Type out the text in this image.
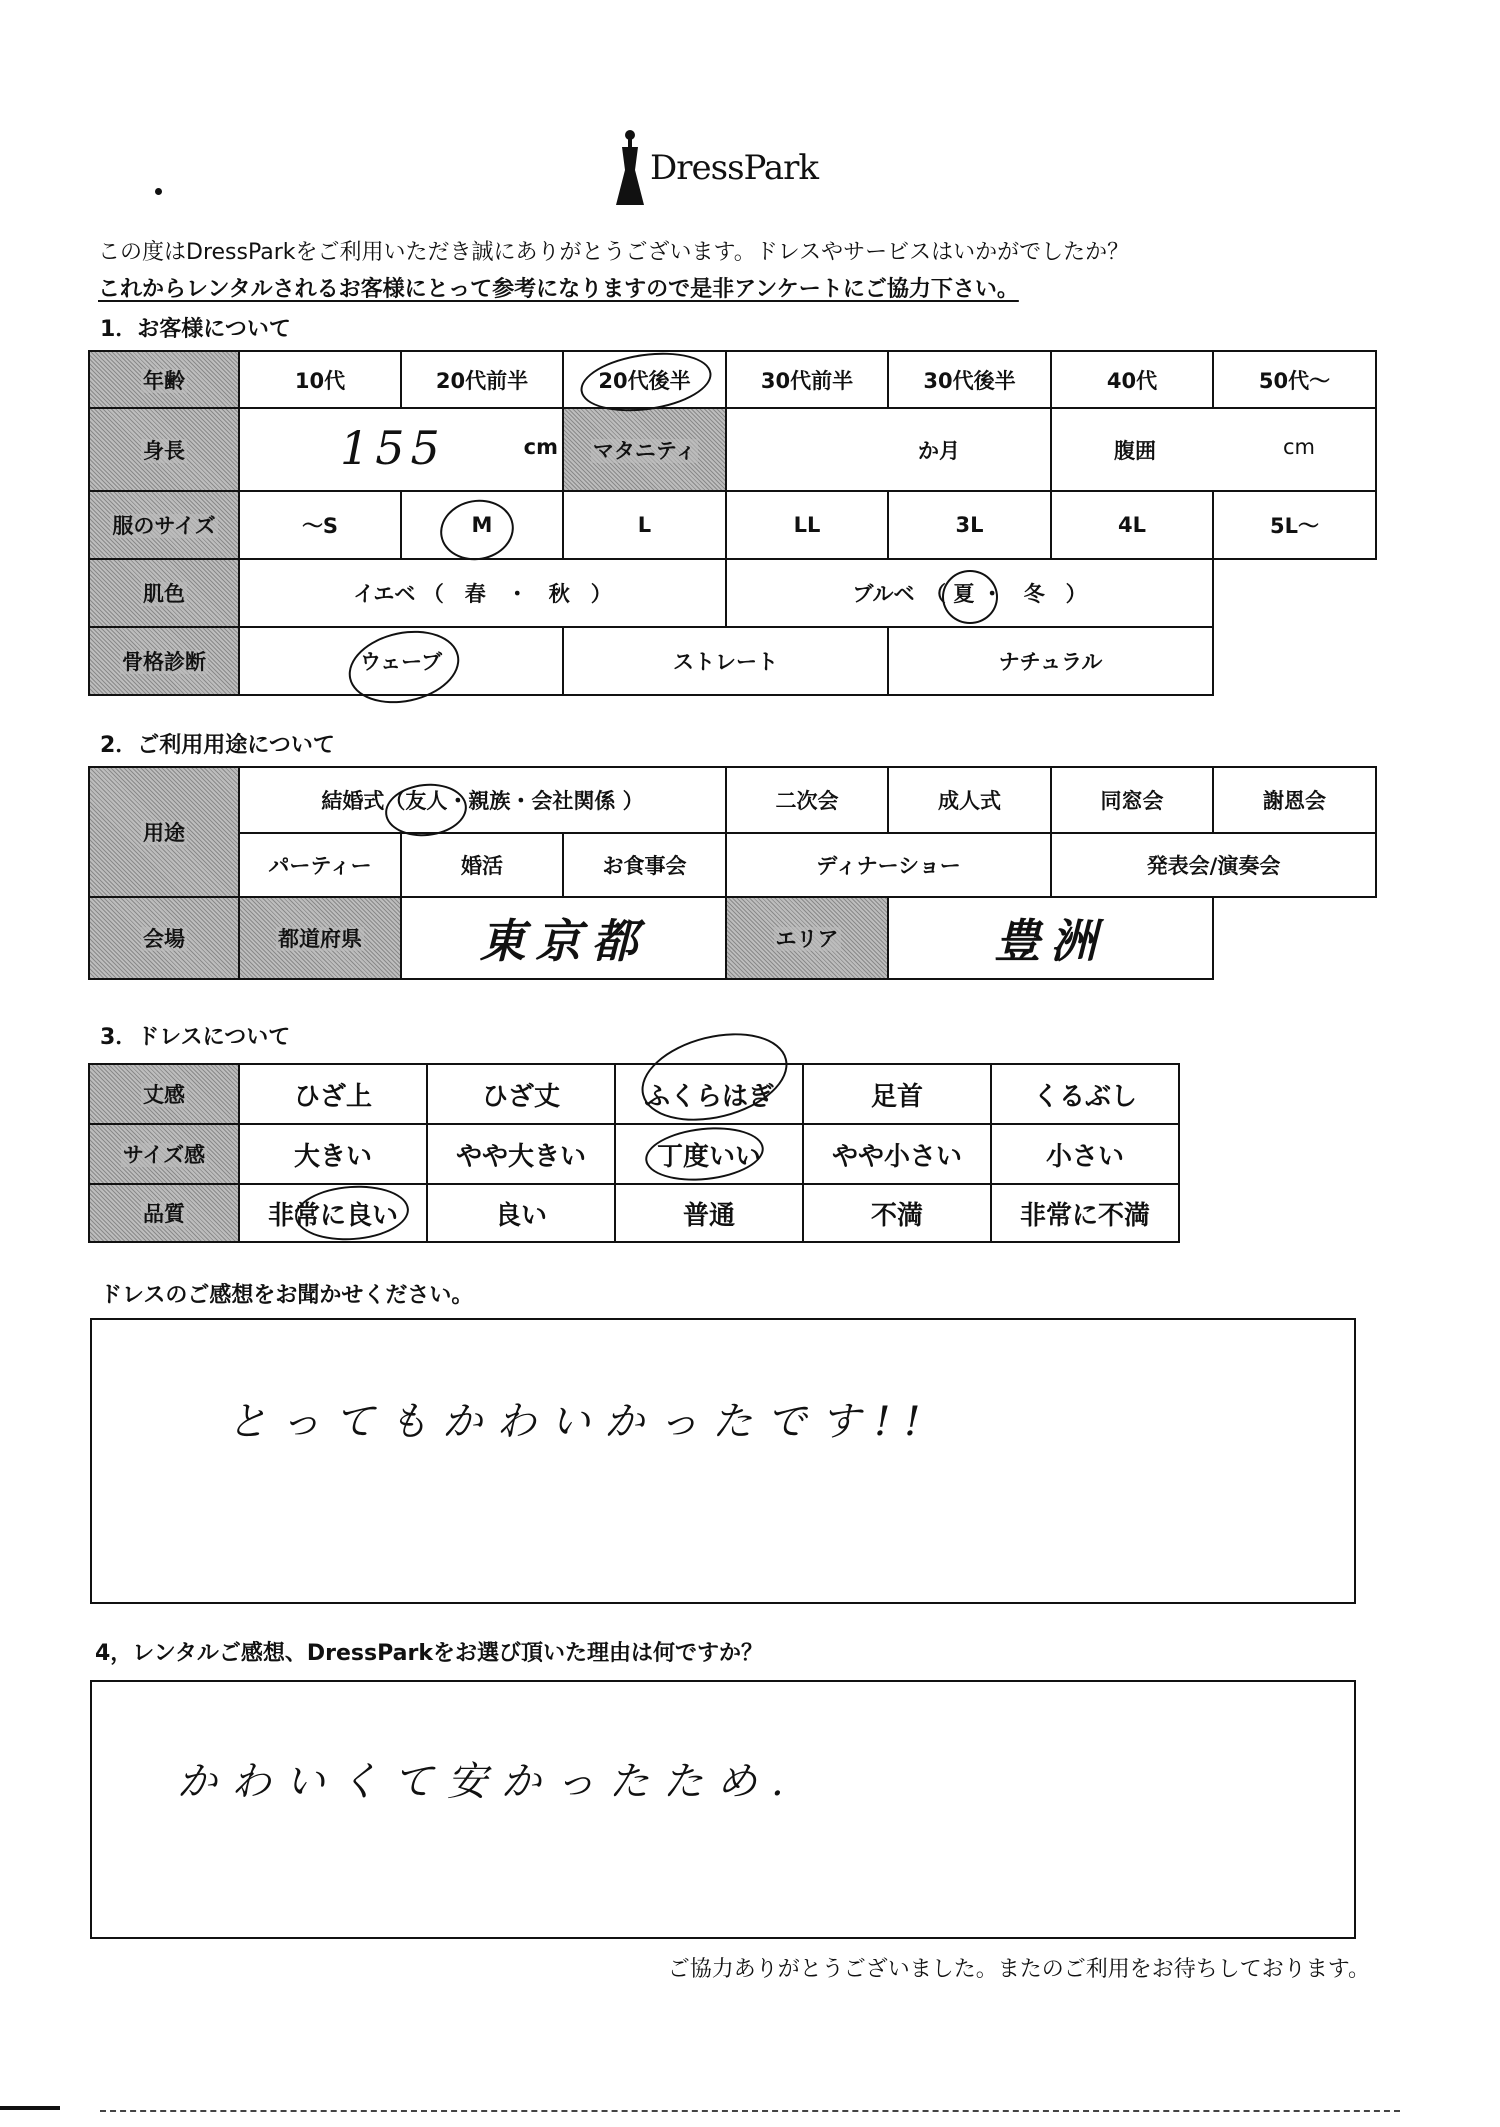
DressPark
この度はDressParkをご利用いただき誠にありがとうございます。ドレスやサービスはいかがでしたか？
これからレンタルされるお客様にとって参考になりますので是非アンケートにご協力下さい。
1．お客様について
年齢	10代	20代前半	20代後半	30代前半	30代後半	40代	50代～
身長	155 cm		マタニティ	か月		腹囲 cm	

服のサイズ	～S	M	L	LL	3L	4L	5L～
肌色	イエベ （　春　・　秋　）			ブルベ　（ 夏 ・　冬　）			
骨格診断	ウェーブ		ストレート		ナチュラル		
2．ご利用用途について
用途	結婚式（友人・親族・会社関係 ）			二次会	成人式	同窓会	謝恩会
	パーティー	婚活	お食事会	ディナーショー		発表会/演奏会	
会場	都道府県	東京都		エリア	豊洲		
3．ドレスについて
丈感	ひざ上	ひざ丈	ふくらはぎ	足首	くるぶし
サイズ感	大きい	やや大きい	丁度いい	やや小さい	小さい
品質	非常に良い	良い	普通	不満	非常に不満
ドレスのご感想をお聞かせください。
とってもかわいかったです!!
4，レンタルご感想、DressParkをお選び頂いた理由は何ですか？
かわいくて安かったため.
ご協力ありがとうございました。またのご利用をお待ちしております。
